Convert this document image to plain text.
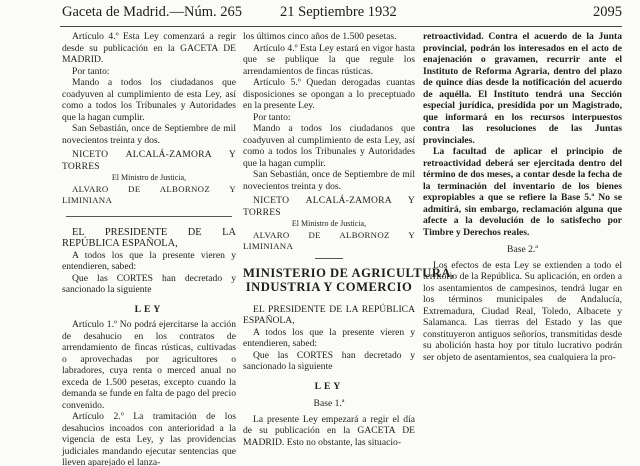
Gaceta de Madrid.—Núm. 265	21 Septiembre 1932	2095

Artículo 4.º Esta Ley comenzará a regir desde su publicación en la GACETA DE MADRID.

Por tanto:

Mando a todos los ciudadanos que coadyuven al cumplimiento de esta Ley, así como a todos los Tribunales y Autoridades que la hagan cumplir.

San Sebastián, once de Septiembre de mil novecientos treinta y dos.

NICETO ALCALÁ-ZAMORA Y TORRES

El Ministro de Justicia,

ALVARO DE ALBORNOZ Y LIMINIANA

EL PRESIDENTE DE LA REPÚBLICA ESPAÑOLA,

A todos los que la presente vieren y entendieren, sabed:

Que las CORTES han decretado y sancionado la siguiente

LEY

Artículo 1.º No podrá ejercitarse la acción de desahucio en los contratos de arrendamiento de fincas rústicas, cultivadas o aprovechadas por agricultores o labradores, cuya renta o merced anual no exceda de 1.500 pesetas, excepto cuando la demanda se funde en falta de pago del precio convenido.

Artículo 2.º La tramitación de los desahucios incoados con anterioridad a la vigencia de esta Ley, y las providencias judiciales mandando ejecutar sentencias que lleven aparejado el lanza-

los últimos cinco años de 1.500 pesetas.

Artículo 4.º Esta Ley estará en vigor hasta que se publique la que regule los arrendamientos de fincas rústicas.

Artículo 5.º Quedan derogadas cuantas disposiciones se opongan a lo preceptuado en la presente Ley.

Por tanto:

Mando a todos los ciudadanos que coadyuven al cumplimiento de esta Ley, así como a todos los Tribunales y Autoridades que la hagan cumplir.

San Sebastián, once de Septiembre de mil novecientos treinta y dos.

NICETO ALCALÁ-ZAMORA Y TORRES

El Ministro de Justicia,

ALVARO DE ALBORNOZ Y LIMINIANA

MINISTERIO DE AGRICULTURA,
INDUSTRIA Y COMERCIO

EL PRESIDENTE DE LA REPÚBLICA ESPAÑOLA,

A todos los que la presente vieren y entendieren, sabed:

Que las CORTES han decretado y sancionado la siguiente

LEY

Base 1.ª

La presente Ley empezará a regir el día de su publicación en la GACETA DE MADRID. Esto no obstante, las situacio-

retroactividad. Contra el acuerdo de la Junta provincial, podrán los interesados en el acto de enajenación o gravamen, recurrir ante el Instituto de Reforma Agraria, dentro del plazo de quince días desde la notificación del acuerdo de aquélla. El Instituto tendrá una Sección especial jurídica, presidida por un Magistrado, que informará en los recursos interpuestos contra las resoluciones de las Juntas provinciales.

La facultad de aplicar el principio de retroactividad deberá ser ejercitada dentro del término de dos meses, a contar desde la fecha de la terminación del inventario de los bienes expropiables a que se refiere la Base 5.ª No se admitirá, sin embargo, reclamación alguna que afecte a la devolución de lo satisfecho por Timbre y Derechos reales.

Base 2.ª

Los efectos de esta Ley se extienden a todo el territorio de la República. Su aplicación, en orden a los asentamientos de campesinos, tendrá lugar en los términos municipales de Andalucía, Extremadura, Ciudad Real, Toledo, Albacete y Salamanca. Las tierras del Estado y las que constituyeron antiguos señoríos, transmitidas desde su abolición hasta hoy por título lucrativo podrán ser objeto de asentamientos, sea cualquiera la pro-
